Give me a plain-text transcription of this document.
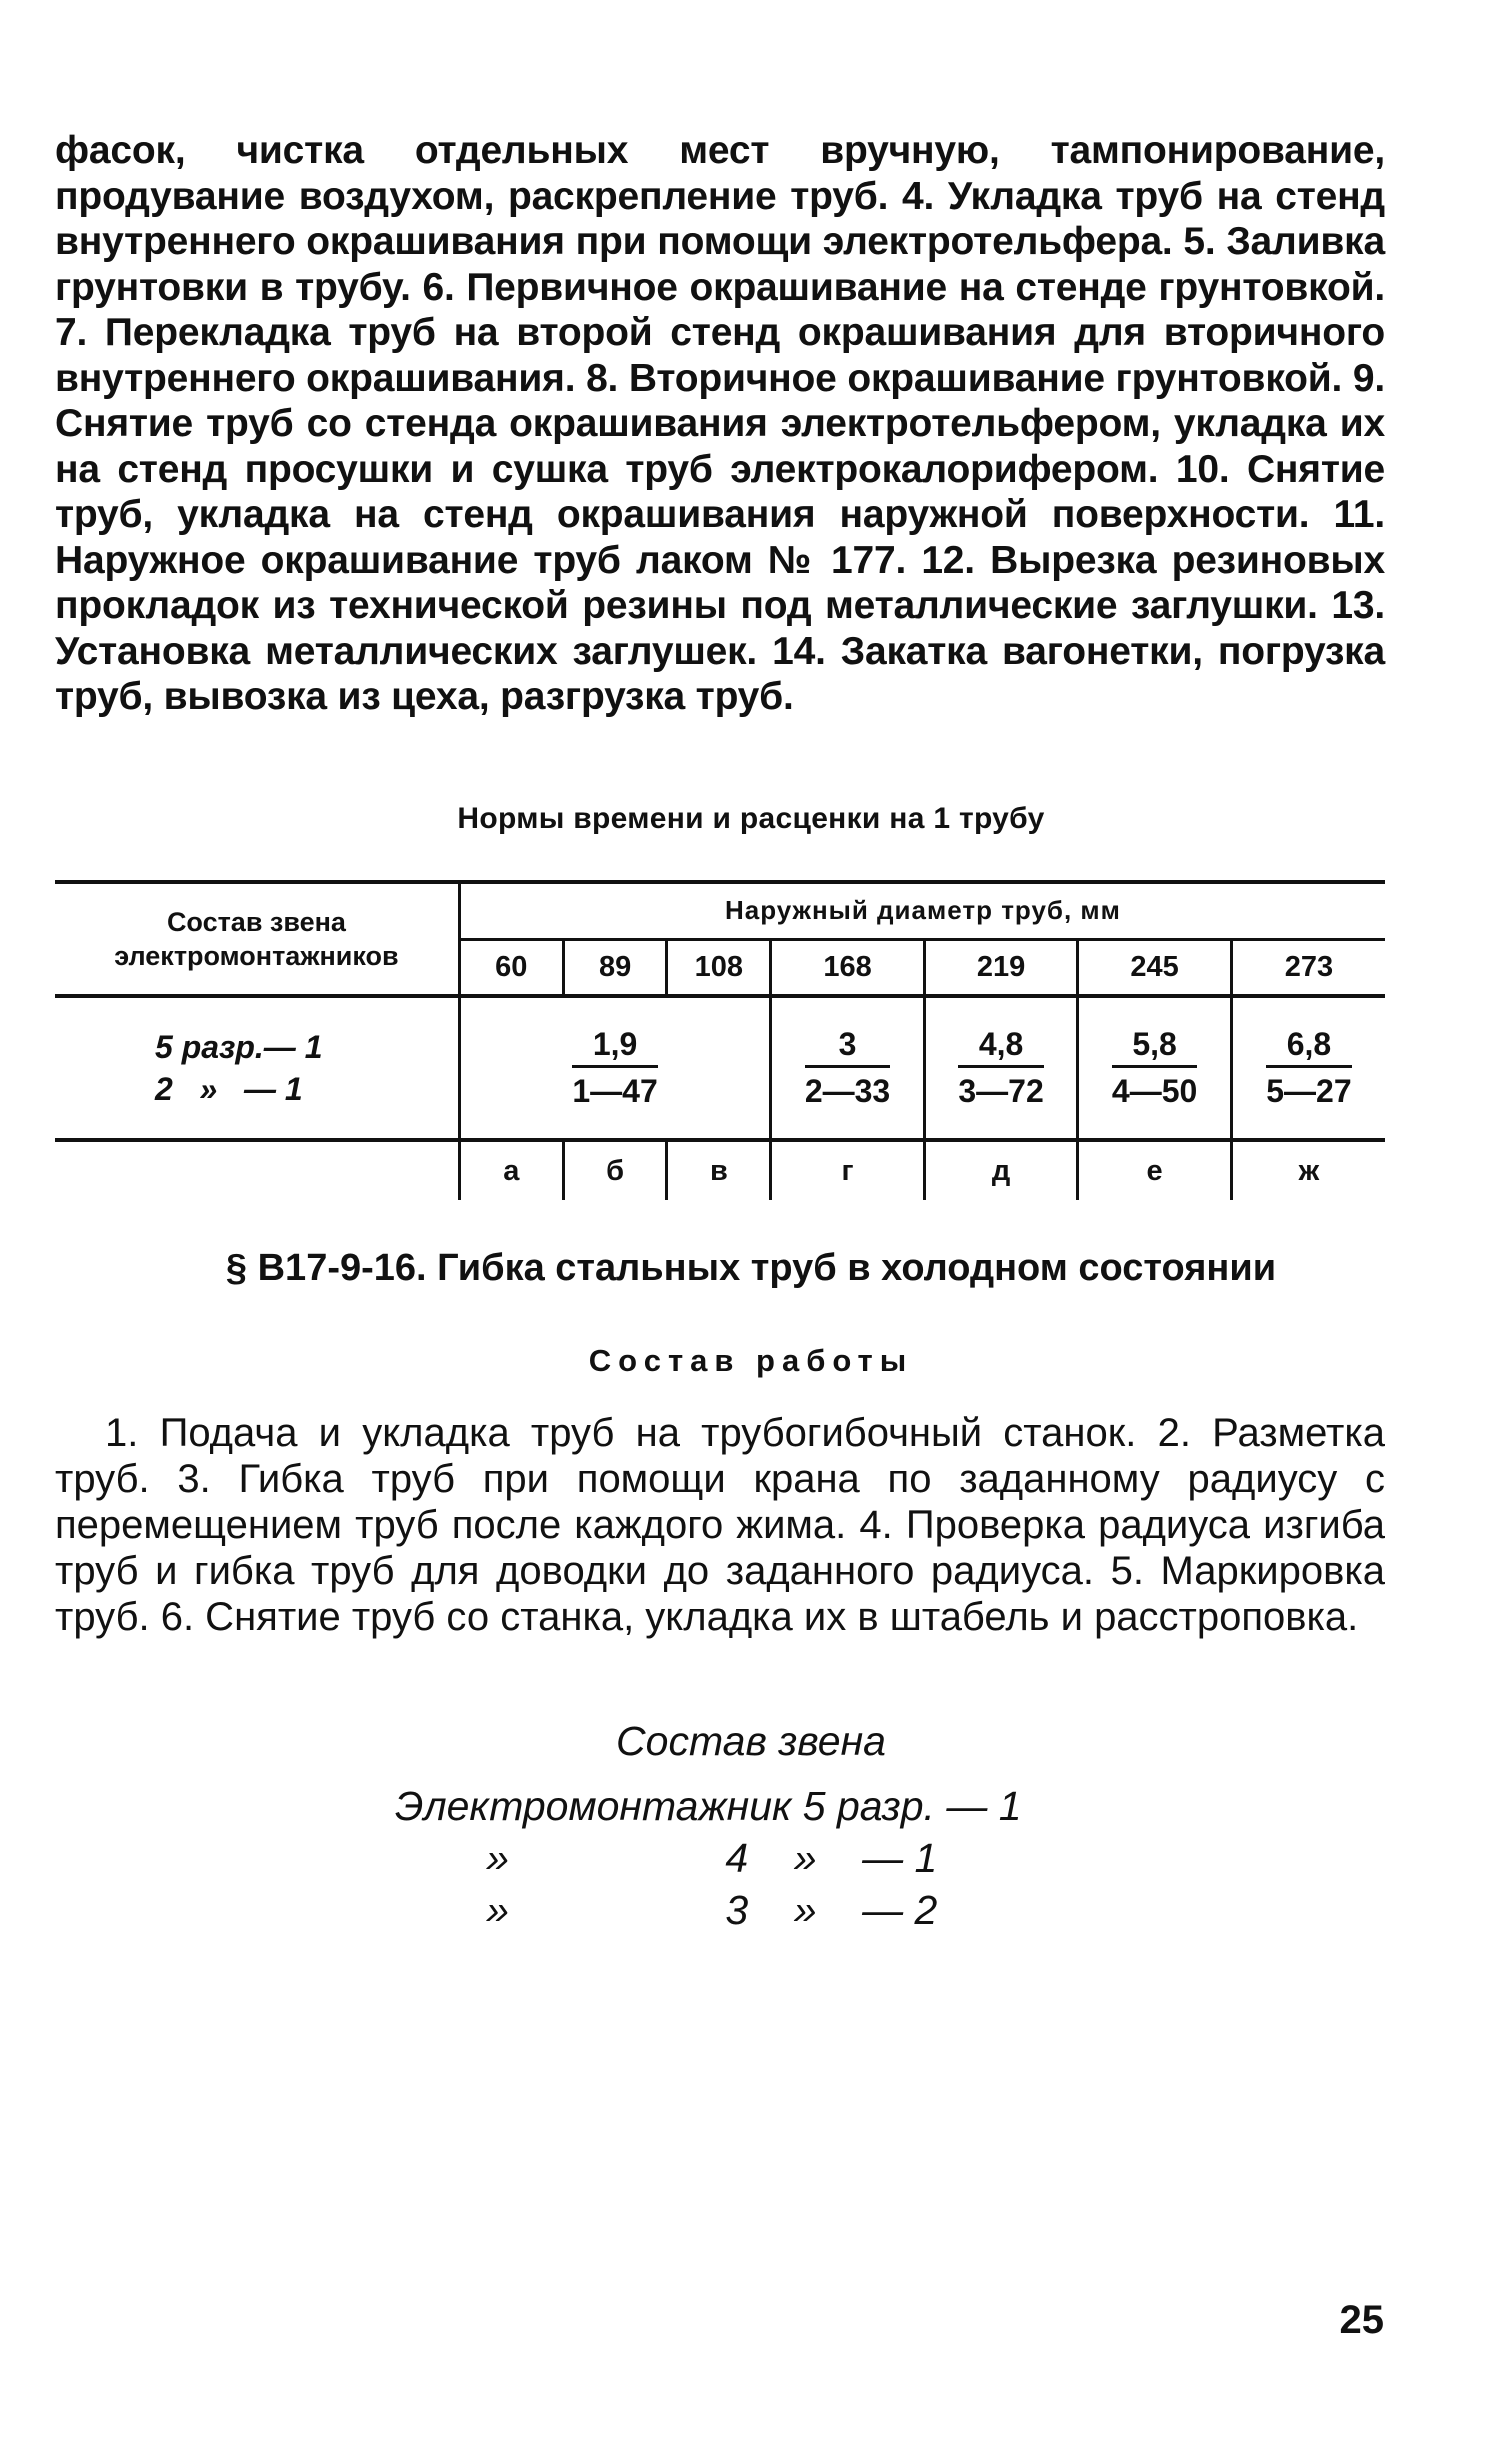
фасок, чистка отдельных мест вручную, тампонирование, продувание воздухом, раскрепление труб. 4. Укладка труб на стенд внутреннего окрашивания при помощи электротельфера. 5. Заливка грунтовки в трубу. 6. Первичное окрашивание на стенде грунтовкой. 7. Перекладка труб на второй стенд окрашивания для вторичного внутреннего окрашивания. 8. Вторичное окрашивание грунтовкой. 9. Снятие труб со стенда окрашивания электротельфером, укладка их на стенд просушки и сушка труб электрокалорифером. 10. Снятие труб, укладка на стенд окрашивания наружной поверхности. 11. Наружное окрашивание труб лаком № 177. 12. Вырезка резиновых прокладок из технической резины под металлические заглушки. 13. Установка металлических заглушек. 14. Закатка вагонетки, погрузка труб, вывозка из цеха, разгрузка труб.

Нормы времени и расценки на 1 трубу

Состав звена
электромонтажников	Наружный диаметр труб, мм						
	60	89	108	168	219	245	273
5 разр.— 1
2   »   — 1	$\frac{1,9}{1—47}$			$\frac{3}{2—33}$	$\frac{4,8}{3—72}$	$\frac{5,8}{4—50}$	$\frac{6,8}{5—27}$

	а	б	в	г	д	е	ж
§ В17-9-16. Гибка стальных труб в холодном состоянии
Состав работы

1. Подача и укладка труб на трубогибочный станок. 2. Разметка труб. 3. Гибка труб при помощи крана по заданному радиусу с перемещением труб после каждого жима. 4. Проверка радиуса изгиба труб и гибка труб для доводки до заданного радиуса. 5. Маркировка труб. 6. Снятие труб со станка, укладка их в штабель и расстроповка.

Состав звена

Электромонтажник 5 разр. — 1
»                   4    »    — 1
»                   3    »    — 2

25
